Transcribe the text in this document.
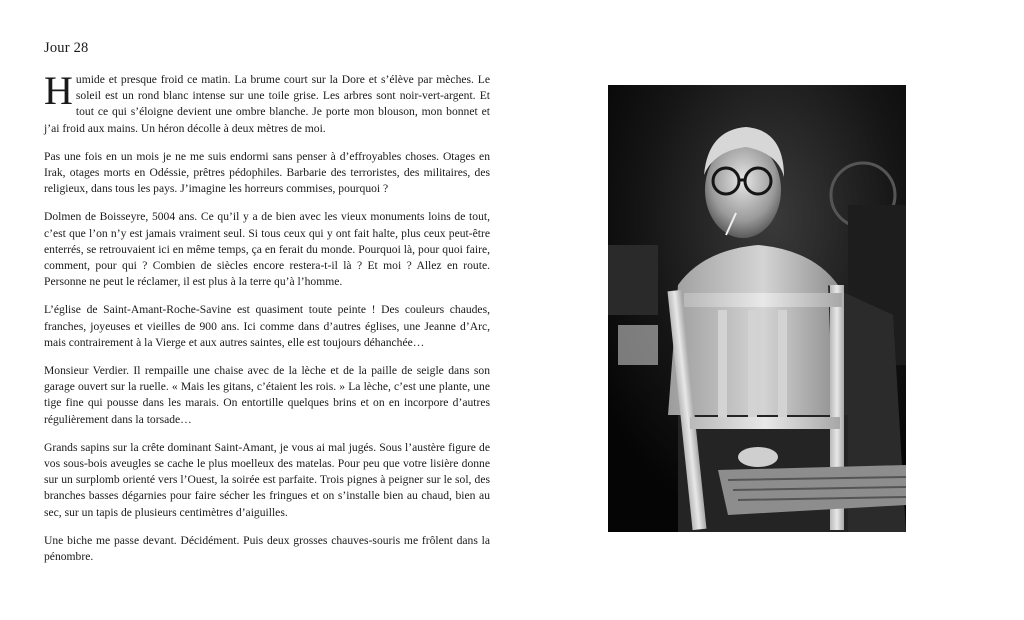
Jour 28

Humide et presque froid ce matin. La brume court sur la Dore et s’élève par mèches. Le soleil est un rond blanc intense sur une toile grise. Les arbres sont noir-vert-argent. Et tout ce qui s’éloigne devient une ombre blanche. Je porte mon blouson, mon bonnet et j’ai froid aux mains. Un héron décolle à deux mètres de moi.

Pas une fois en un mois je ne me suis endormi sans penser à d’effroyables choses. Otages en Irak, otages morts en Odéssie, prêtres pédophiles. Barbarie des terroristes, des militaires, des religieux, dans tous les pays. J’imagine les horreurs commises, pourquoi ?

Dolmen de Boisseyre, 5004 ans. Ce qu’il y a de bien avec les vieux monuments loins de tout, c’est que l’on n’y est jamais vraiment seul. Si tous ceux qui y ont fait halte, plus ceux peut-être enterrés, se retrouvaient ici en même temps, ça en ferait du monde. Pourquoi là, pour quoi faire, comment, pour qui ? Combien de siècles encore restera-t-il là ? Et moi ? Allez en route. Personne ne peut le réclamer, il est plus à la terre qu’à l’homme.

L’église de Saint-Amant-Roche-Savine est quasiment toute peinte ! Des couleurs chaudes, franches, joyeuses et vieilles de 900 ans. Ici comme dans d’autres églises, une Jeanne d’Arc, mais contrairement à la Vierge et aux autres saintes, elle est toujours déhanchée…

Monsieur Verdier. Il rempaille une chaise avec de la lèche et de la paille de seigle dans son garage ouvert sur la ruelle. « Mais les gitans, c’étaient les rois. » La lèche, c’est une plante, une tige fine qui pousse dans les marais. On entortille quelques brins et on en incorpore d’autres régulièrement dans la torsade…

Grands sapins sur la crête dominant Saint-Amant, je vous ai mal jugés. Sous l’austère figure de vos sous-bois aveugles se cache le plus moelleux des matelas. Pour peu que votre lisière donne sur un surplomb orienté vers l’Ouest, la soirée est parfaite. Trois pignes à peigner sur le sol, des branches basses dégarnies pour faire sécher les fringues et on s’installe bien au chaud, bien au sec, sur un tapis de plusieurs centimètres d’aiguilles.

Une biche me passe devant. Décidément. Puis deux grosses chauves-souris me frôlent dans la pénombre.
